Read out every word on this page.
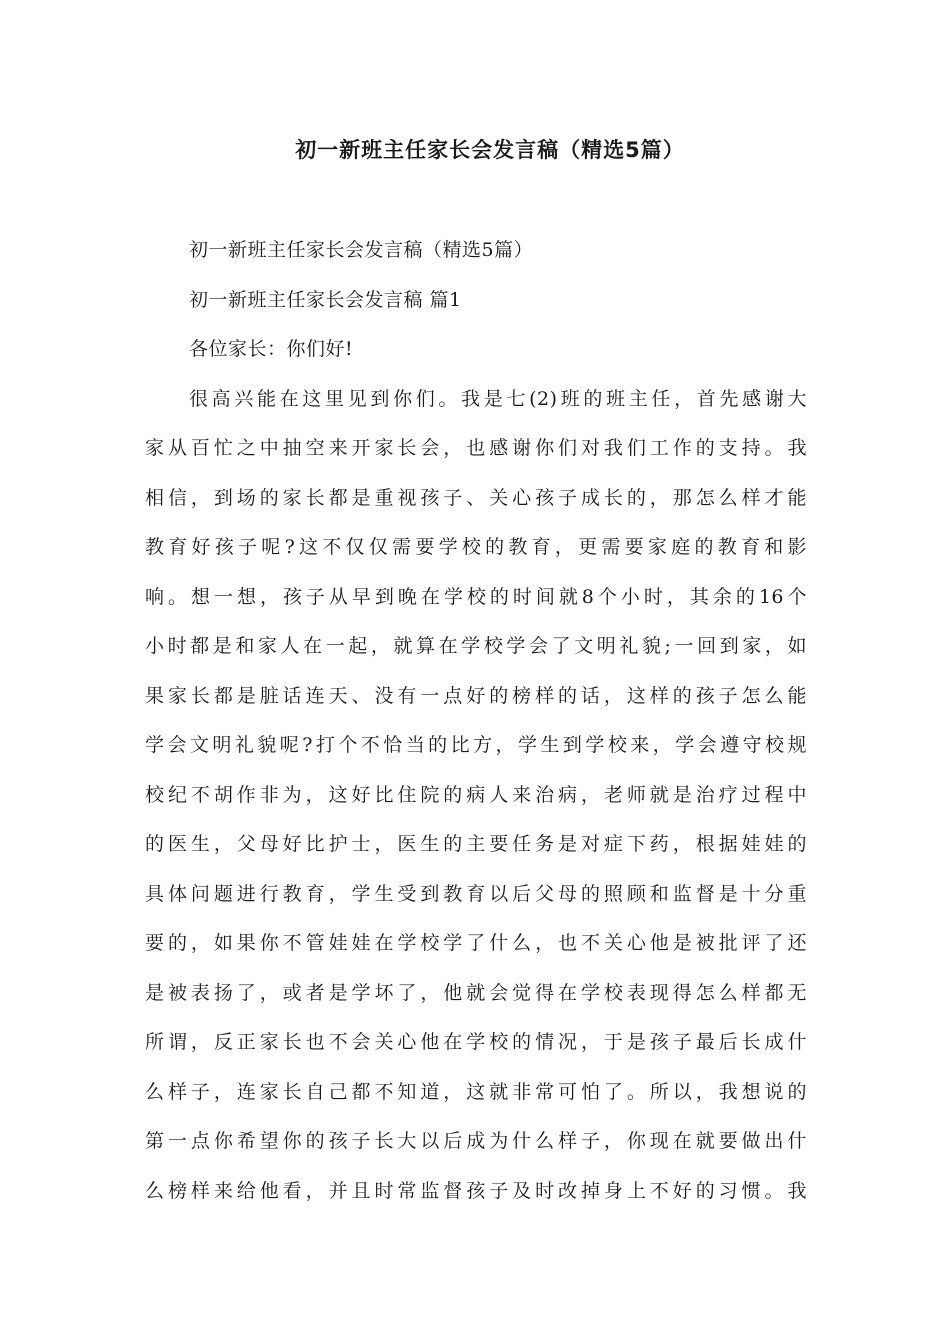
初一新班主任家长会发言稿（精选5篇）
初一新班主任家长会发言稿（精选5篇）
初一新班主任家长会发言稿 篇1
各位家长：你们好!
很高兴能在这里见到你们。我是七(2)班的班主任，首先感谢大
家从百忙之中抽空来开家长会，也感谢你们对我们工作的支持。我
相信，到场的家长都是重视孩子、关心孩子成长的，那怎么样才能
教育好孩子呢?这不仅仅需要学校的教育，更需要家庭的教育和影
响。想一想，孩子从早到晚在学校的时间就8个小时，其余的16个
小时都是和家人在一起，就算在学校学会了文明礼貌;一回到家，如
果家长都是脏话连天、没有一点好的榜样的话，这样的孩子怎么能
学会文明礼貌呢?打个不恰当的比方，学生到学校来，学会遵守校规
校纪不胡作非为，这好比住院的病人来治病，老师就是治疗过程中
的医生，父母好比护士，医生的主要任务是对症下药，根据娃娃的
具体问题进行教育，学生受到教育以后父母的照顾和监督是十分重
要的，如果你不管娃娃在学校学了什么，也不关心他是被批评了还
是被表扬了，或者是学坏了，他就会觉得在学校表现得怎么样都无
所谓，反正家长也不会关心他在学校的情况，于是孩子最后长成什
么样子，连家长自己都不知道，这就非常可怕了。所以，我想说的
第一点你希望你的孩子长大以后成为什么样子，你现在就要做出什
么榜样来给他看，并且时常监督孩子及时改掉身上不好的习惯。我
